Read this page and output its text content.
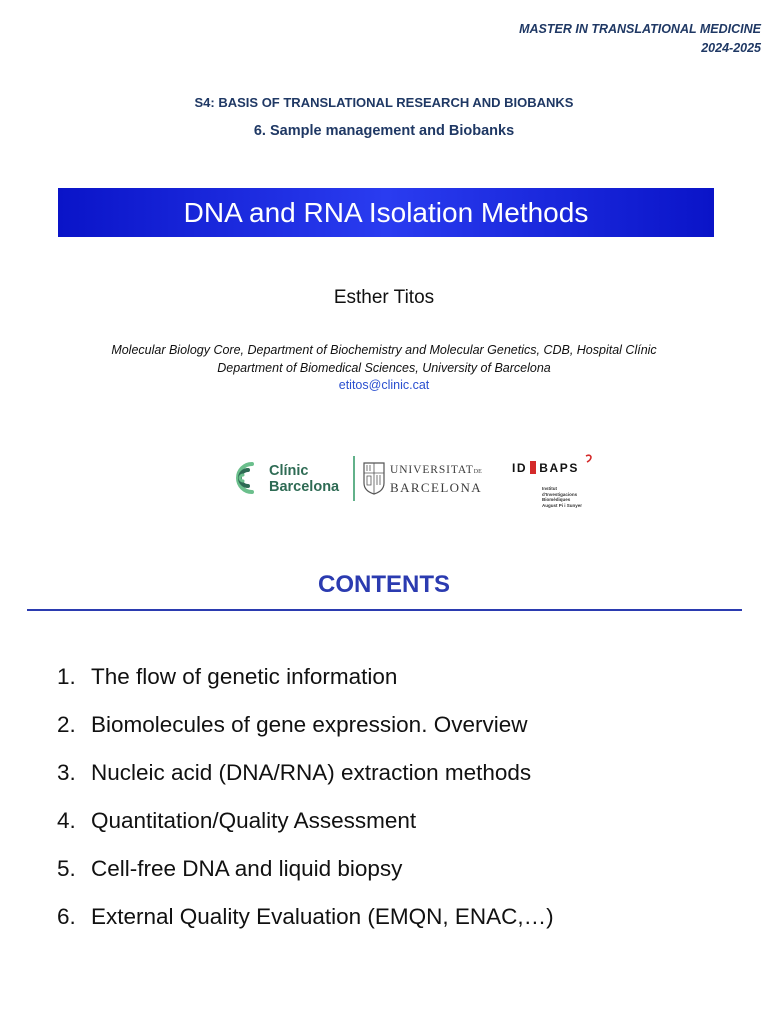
MASTER IN TRANSLATIONAL MEDICINE
2024-2025
S4: BASIS OF TRANSLATIONAL RESEARCH AND BIOBANKS
6. Sample management and Biobanks
DNA and RNA Isolation Methods
Esther Titos
Molecular Biology Core, Department of Biochemistry and Molecular Genetics, CDB, Hospital Clínic
Department of Biomedical Sciences, University of Barcelona
etitos@clinic.cat
Clínic
Barcelona
UNIVERSITATDE
BARCELONA
ID BAPS
Institut
d'Investigacions
Biomèdiques
August Pi i Sunyer
CONTENTS
1. The flow of genetic information
2. Biomolecules of gene expression. Overview
3. Nucleic acid (DNA/RNA) extraction methods
4. Quantitation/Quality Assessment
5. Cell-free DNA and liquid biopsy
6. External Quality Evaluation (EMQN, ENAC,…)
